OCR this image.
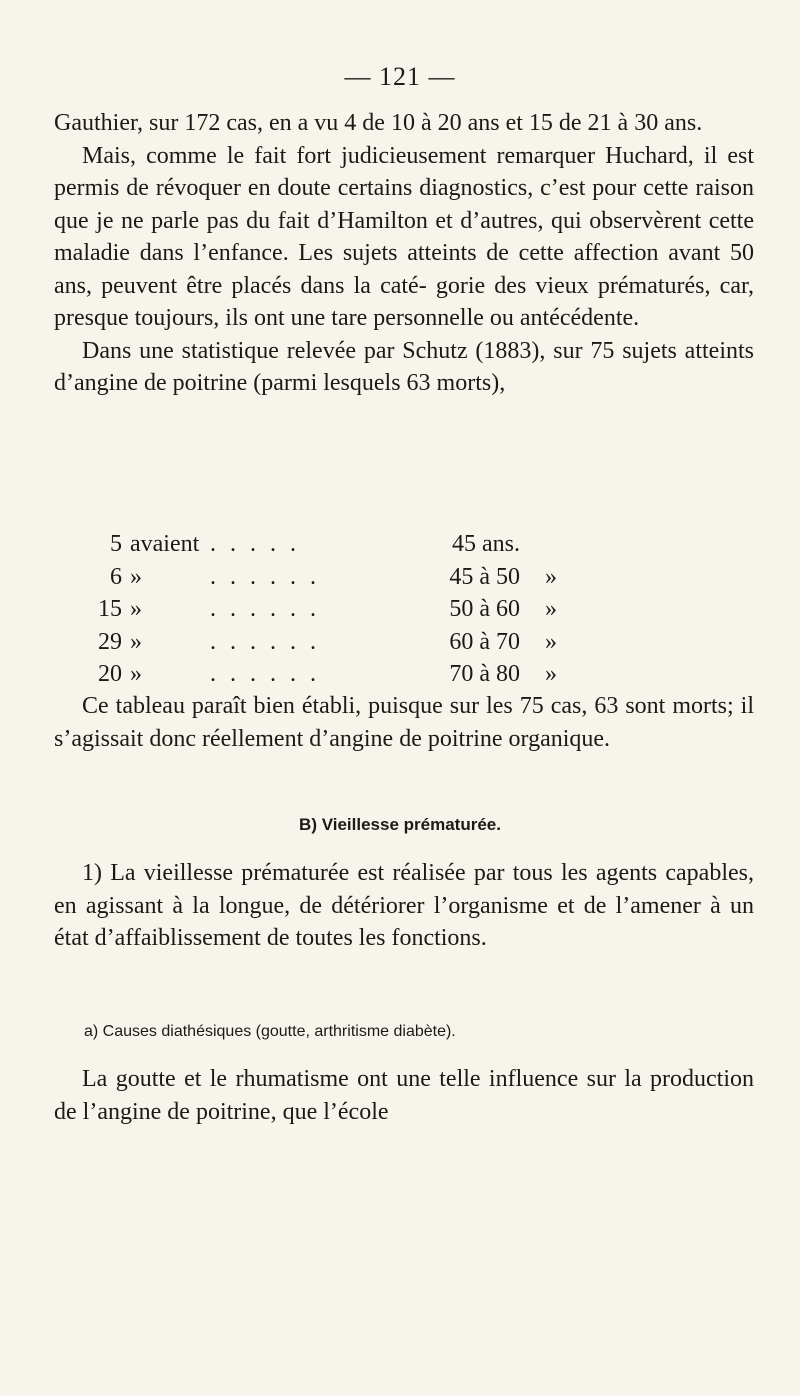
— 121 —

Gauthier, sur 172 cas, en a vu 4 de 10 à 20 ans et 15 de 21 à 30 ans.

Mais, comme le fait fort judicieusement remarquer Huchard, il est permis de révoquer en doute certains diagnostics, c’est pour cette raison que je ne parle pas du fait d’Hamilton et d’autres, qui observèrent cette maladie dans l’enfance. Les sujets atteints de cette affection avant 50 ans, peuvent être placés dans la caté- gorie des vieux prématurés, car, presque toujours, ils ont une tare personnelle ou antécédente.

Dans une statistique relevée par Schutz (1883), sur 75 sujets atteints d’angine de poitrine (parmi lesquels 63 morts),

5 avaient . . . . .	45 ans.
6 »	. . . . . .	45 à 50 »
15 »	. . . . . .	50 à 60 »
29 »	. . . . . .	60 à 70 »
20 »	. . . . . .	70 à 80 »

Ce tableau paraît bien établi, puisque sur les 75 cas, 63 sont morts; il s’agissait donc réellement d’angine de poitrine organique.

B) Vieillesse prématurée.

1) La vieillesse prématurée est réalisée par tous les agents capables, en agissant à la longue, de détériorer l’organisme et de l’amener à un état d’affaiblissement de toutes les fonctions.

a) Causes diathésiques (goutte, arthritisme diabète).

La goutte et le rhumatisme ont une telle influence sur la production de l’angine de poitrine, que l’école
